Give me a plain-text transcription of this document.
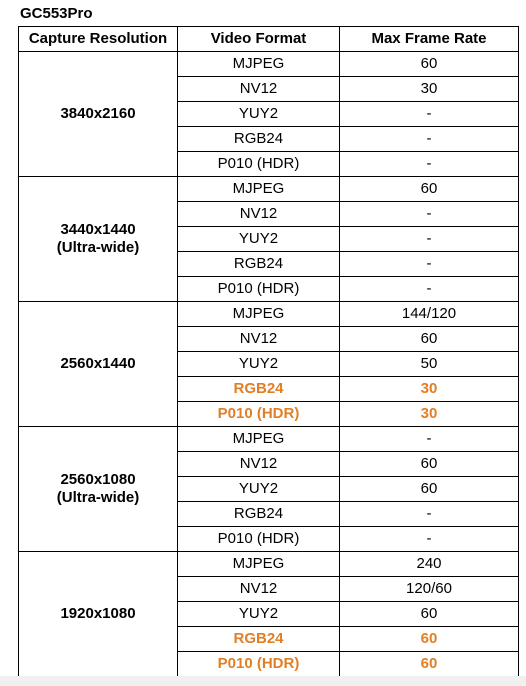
GC553Pro
Capture Resolution	Video Format	Max Frame Rate

3840x2160	MJPEG	60
	NV12	30
	YUY2	-
	RGB24	-
	P010 (HDR)	-

3440x1440
(Ultra-wide)	MJPEG	60
	NV12	-
	YUY2	-
	RGB24	-
	P010 (HDR)	-

2560x1440	MJPEG	144/120
	NV12	60
	YUY2	50
	RGB24	30
	P010 (HDR)	30

2560x1080
(Ultra-wide)	MJPEG	-
	NV12	60
	YUY2	60
	RGB24	-
	P010 (HDR)	-

1920x1080	MJPEG	240
	NV12	120/60
	YUY2	60
	RGB24	60
	P010 (HDR)	60
